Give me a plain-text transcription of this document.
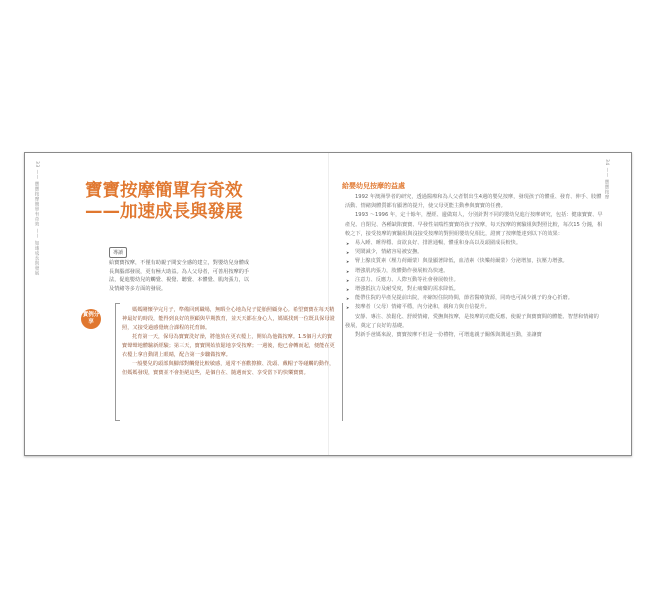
33 —— 寶寶按摩簡單有奇效 —— 加速成長與發展	寶寶按摩簡單有奇效
——加速成長與發展
導讀
給寶寶按摩，不僅有助親子間安全感的建立，對嬰幼兒身體成長與腦部發展，更有極大助益。為人父母者，可善用按摩的手法，促進嬰幼兒的觸覺、視覺、聽覺、本體覺、肌肉張力，以及情緒等多方面的發展。
實例分享

媽媽剛懷孕完月子，準備回到職場，無暇全心地為兒子從胎照顧身心。希望寶寶在每天精神最好的時段，能得到良好的照顧與早期教育，並天天都在身心人，媽媽找到一位既具保母證照，又接受過感覺統合課程的托育師。

托育第一天，保母為寶寶洗好澡，將他放在更衣檯上，開始為他做按摩。1.5個月大的寶寶聲聲地體驗新經驗；第三天，寶寶開始放鬆地享受按摩；一週後，他已會轉而起，便能在更衣檯上拿自動閉上眼睛，配合第一步驟做按摩。

一般嬰兒的頭部與腳部對觸覺比較敏感，通常不喜歡擦臉、洗頭、戴帽子等碰觸的動作，但媽媽發現，寶寶並不會拒絕這些，是個自在、隨遇而安、享受當下的快樂寶寶。

34 —— 寶寶按摩
給嬰幼兒按摩的益處

1992 年澳洲學者的研究，透過醫療和為人父者幫出生4週的嬰兒按摩，發現孩子的體重、發育、伸手、肢體活動、情緒與體質都有顯著的提升，使父母更能主動參與寶寶的任務。

1993 ～1996 年，定十餘年，歷經、邊做寫人，分別針對不同的嬰幼兒進行按摩研究，包括：健康寶寶、早產兒、自閉兒、各種缺陷寶寶、早發性氣喘性寶寶的孩子按摩，每天按摩的實驗組與對照比較，每次15 分鐘，相較之下，接受按摩的實驗組與沒接受按摩的對照組嬰幼兒相比，證實了按摩能達到以下的效果：

➤ 易入睡、睡得穩、食欲良好、排泄通暢，體重和身高以及頭圍成長較快。
➤ 哭鬧減少，情緒容易被安撫。
➤ 腎上腺皮質素（壓力荷爾蒙）與量顯著降低，血清素（快樂荷爾蒙）分泌增加，抗壓力增強。
➤ 增強肌肉張力，肢體動作發展較為快速。
➤ 注意力、反應力、人際互動等社會發展較佳。
➤ 增強抵抗力及耐受度，對止痛藥的需求降低。
➤ 能帶住院的早產兒提前出院，亦縮短住院時間，節省醫療資源，同時也可減少親子的身心折磨。
➤ 按摩者（父母）情緒平穩，內分泌和，親和力與自信提升。

安靜、專注、放鬆化、舒緩情緒，愛撫與按摩，是按摩的功能反應，使親子與寶寶間的體能、智慧和情緒的發展，奠定了良好的基礎。

對新手爸媽來說，寶寶按摩不但是一份禮物，可增進親子關係與溝通互動，並讓寶
